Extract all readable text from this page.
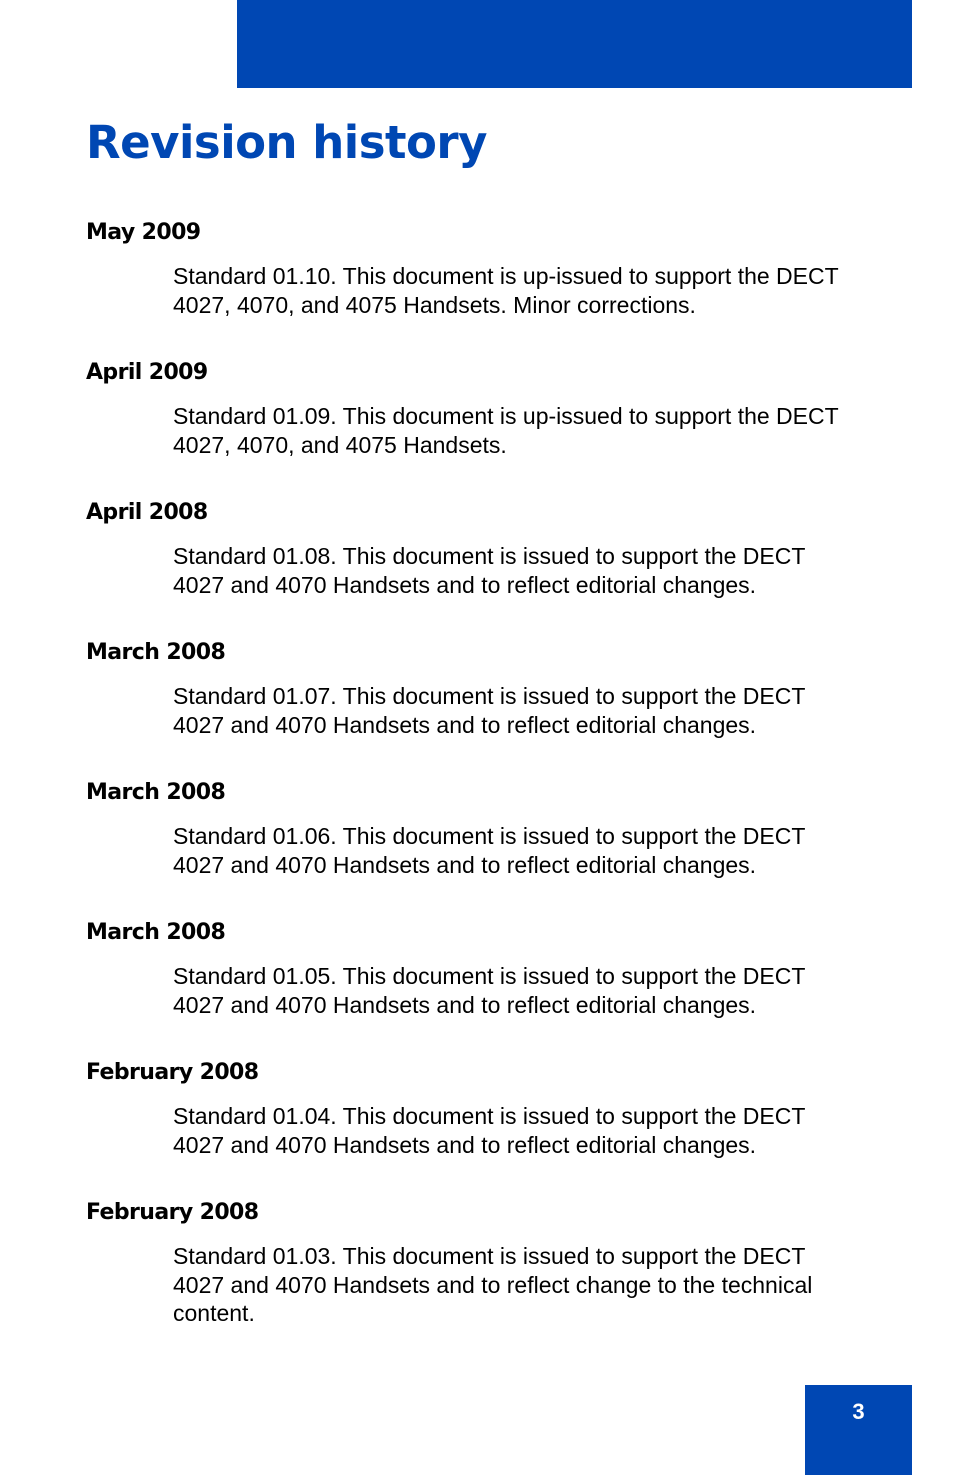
Revision history
May 2009
Standard 01.10. This document is up-issued to support the DECT
4027, 4070, and 4075 Handsets. Minor corrections.
April 2009
Standard 01.09. This document is up-issued to support the DECT
4027, 4070, and 4075 Handsets.
April 2008
Standard 01.08. This document is issued to support the DECT
4027 and 4070 Handsets and to reflect editorial changes.
March 2008
Standard 01.07. This document is issued to support the DECT
4027 and 4070 Handsets and to reflect editorial changes.
March 2008
Standard 01.06. This document is issued to support the DECT
4027 and 4070 Handsets and to reflect editorial changes.
March 2008
Standard 01.05. This document is issued to support the DECT
4027 and 4070 Handsets and to reflect editorial changes.
February 2008
Standard 01.04. This document is issued to support the DECT
4027 and 4070 Handsets and to reflect editorial changes.
February 2008
Standard 01.03. This document is issued to support the DECT
4027 and 4070 Handsets and to reflect change to the technical
content.
3
